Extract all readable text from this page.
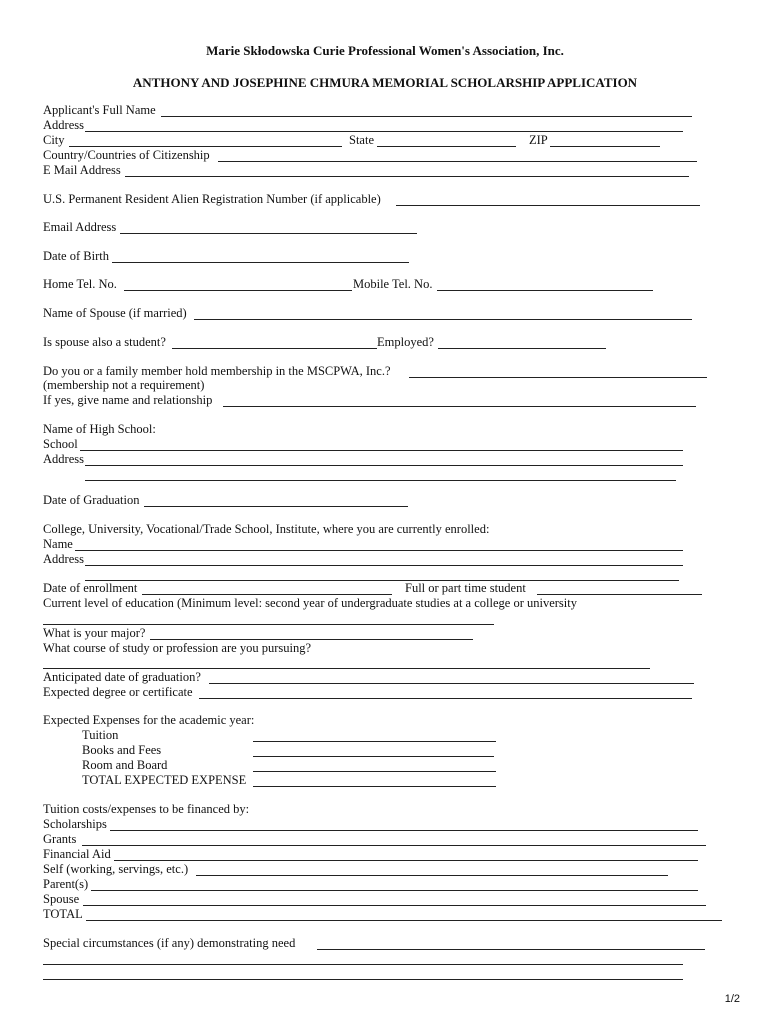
Marie Skłodowska Curie Professional Women's Association, Inc.
ANTHONY AND JOSEPHINE CHMURA MEMORIAL SCHOLARSHIP APPLICATION
Applicant's Full Name
Address
City	State	ZIP
Country/Countries of Citizenship
E Mail Address
U.S. Permanent Resident Alien Registration Number (if applicable)
Email Address
Date of Birth
Home Tel. No.	Mobile Tel. No.
Name of Spouse (if married)
Is spouse also a student?	Employed?
Do you or a family member hold membership in the MSCPWA, Inc.?
(membership not a requirement)
If yes, give name and relationship
Name of High School:
School
Address
Date of Graduation
College, University, Vocational/Trade School, Institute, where you are currently enrolled:
Name
Address
Date of enrollment	Full or part time student
Current level of education (Minimum level: second year of undergraduate studies at a college or university
What is your major?
What course of study or profession are you pursuing?
Anticipated date of graduation?
Expected degree or certificate
Expected Expenses for the academic year:
Tuition
Books and Fees
Room and Board
TOTAL EXPECTED EXPENSE
Tuition costs/expenses to be financed by:
Scholarships
Grants
Financial Aid
Self (working, servings, etc.)
Parent(s)
Spouse
TOTAL
Special circumstances (if any) demonstrating need
1/2
